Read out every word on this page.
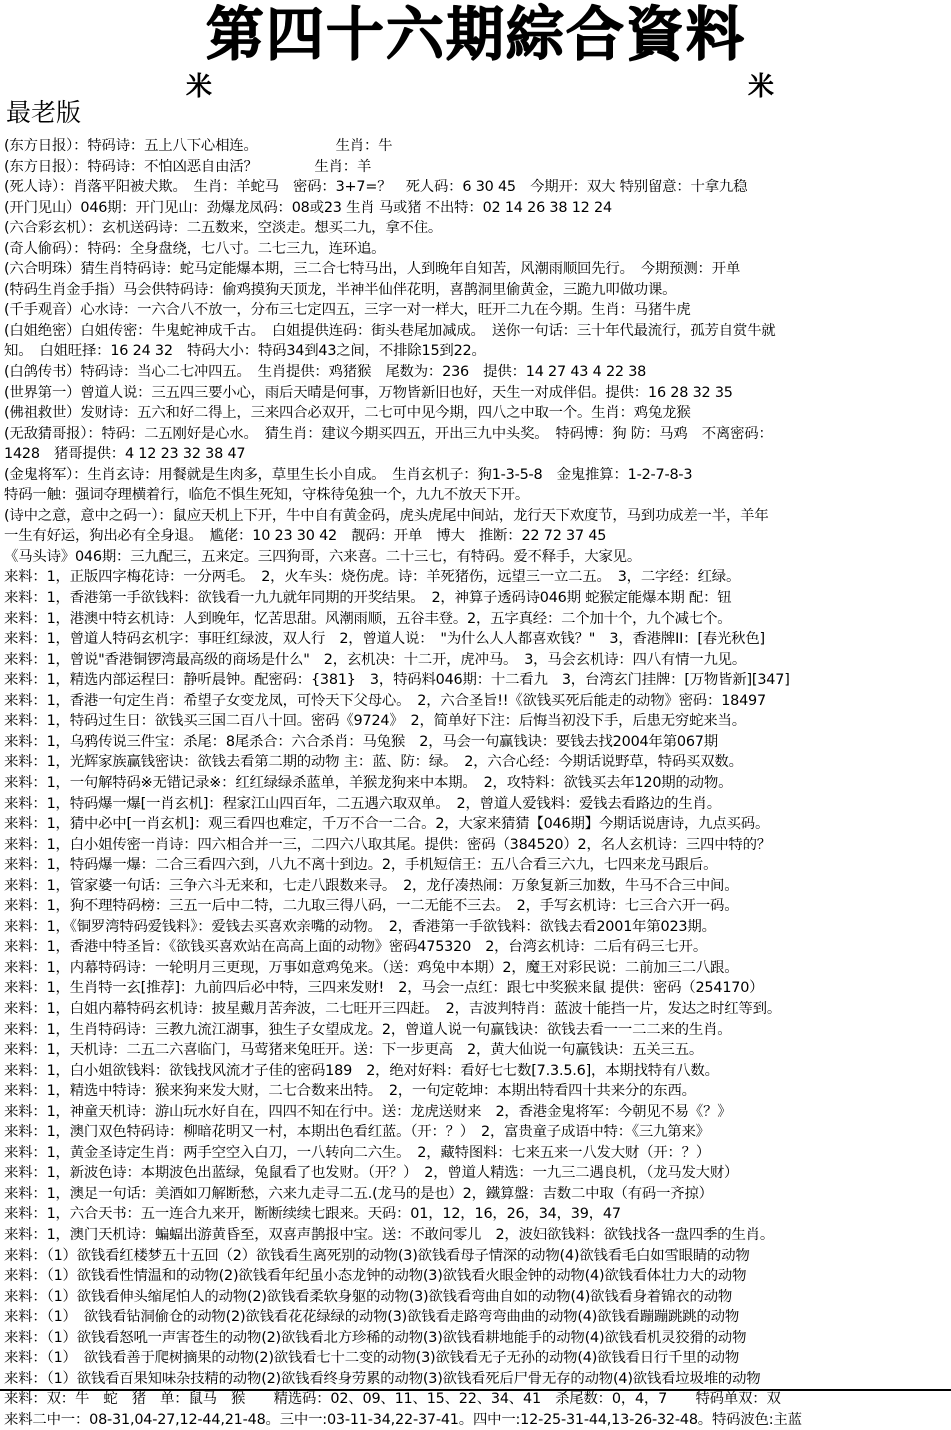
第四十六期綜合資料
米	米
最老版
(东方日报）：特码诗：五上八下心相连。　　　　　　生肖：牛
(东方日报）：特码诗：不怕凶恶自由活？　　　　生肖：羊
(死人诗）：肖落平阳被犬欺。　生肖：羊蛇马　密码：3+7=？　死人码：6 30 45　今期开：双大 特别留意：十拿九稳
(开门见山）046期：开门见山：劲爆龙凤码：08或23 生肖 马或猪 不出特：02 14 26 38 12 24
(六合彩玄机）：玄机送码诗：二五数来，空淡走。想买二九，拿不住。
(奇人偷码）：特码：全身盘绕，七八寸。二七三九，连环追。
(六合明珠）猜生肖特码诗：蛇马定能爆本期，三二合七特马出，人到晚年自知苦，风潮雨顺回先行。　今期预测：开单
(特码生肖金手指）马会供特码诗：偷鸡摸狗天顶龙，半神半仙伴花明，喜鹊洞里偷黄金，三跪九叩做功课。
(千手观音）心水诗：一六合八不放一，分布三七定四五，三字一对一样大，旺开二九在今期。生肖：马猪牛虎
(白姐绝密）白姐传密：牛鬼蛇神成千古。　白姐提供连码：街头巷尾加减成。　送你一句话：三十年代最流行，孤芳自赏牛就
知。　白姐旺择：16 24 32　特码大小：特码34到43之间，不排除15到22。
(白鸽传书）特码诗：当心二七冲四五。　生肖提供：鸡猪猴　尾数为：236　提供：14 27 43 4 22 38
(世界第一）曾道人说：三五四三要小心，雨后天晴是何事，万物皆新旧也好，天生一对成伴侣。提供：16 28 32 35
(佛祖救世）发财诗：五六和好二得上，三来四合必双开，二七可中见今期，四八之中取一个。生肖：鸡兔龙猴
(无敌猜哥报）：特码：二五刚好是心水。　猜生肖：建议今期买四五，开出三九中头奖。　特码博：狗 防：马鸡　不离密码：
1428　猪哥提供：4 12 23 32 38 47
(金鬼将军）：生肖玄诗：用餐就是生肉多，草里生长小自成。　生肖玄机子：狗1-3-5-8　金鬼推算：1-2-7-8-3
特码一触：强词夺理横着行，临危不惧生死知，守株待兔独一个，九九不放天下开。
(诗中之意，意中之码一）：鼠应天机上下开，牛中自有黄金码，虎头虎尾中间站，龙行天下欢度节，马到功成差一半，羊年
一生有好运，狗出必有全身退。　尴佬：10 23 30 42　靓码：开单　博大　推断：22 72 37 45
《马头诗》046期：三九配三，五来定。三四狗哥，六来喜。二十三七，有特码。爱不释手，大家见。
来料：1，正版四字梅花诗：一分两毛。　2，火车头：烧伤虎。诗：羊死猪伤，远望三一立二五。　3，二字经：红绿。
来料：1，香港第一手欲钱料：欲钱看一九九就年同期的开奖结果。　2，神算子透码诗046期 蛇猴定能爆本期 配：钮
来料：1，港澳中特玄机诗：人到晚年，忆苦思甜。风潮雨顺，五谷丰登。2，五字真经：二个加十个，九个减七个。
来料：1，曾道人特码玄机字：事旺红绿波，双人行　2，曾道人说：　"为什么人人都喜欢钱？"　3，香港牌II：[春光秋色]
来料：1，曾说"香港铜锣湾最高级的商场是什么"　2，玄机决：十二开，虎冲马。　3，马会玄机诗：四八有情一九见。
来料：1，精选内部运程曰：静听晨钟。配密码：{381}　3，特码料046期：十二看九　3，台湾玄门挂牌：[万物皆新][347]
来料：1，香港一句定生肖：希望子女变龙凤，可怜天下父母心。　2，六合圣旨!!《欲钱买死后能走的动物》密码：18497
来料：1，特码过生日：欲钱买三国二百八十回。密码《9724》　2，简单好下注：后悔当初没下手，后患无穷蛇来当。
来料：1，乌鸦传说三件宝：杀尾：8尾杀合：六合杀肖：马兔猴　2，马会一句赢钱诀：要钱去找2004年第067期
来料：1，光辉家族赢钱密诀：欲钱去看第二期的动物 主：蓝、防：绿。　2，六合心经：今期话说野草，特码买双数。
来料：1，一句解特码※无错记录※：红红绿绿杀蓝单，羊猴龙狗来中本期。　2，攻特料：欲钱买去年120期的动物。
来料：1，特码爆一爆[一肖玄机]：程家江山四百年，二五遇六取双单。　2，曾道人爱钱料：爱钱去看路边的生肖。
来料：1，猜中必中[一肖玄机]：观三看四也难定，千万不合一二合。2，大家来猜猜【046期】今期话说唐诗，九点买码。
来料：1，白小姐传密一肖诗：四六相合并一三，二四六八取其尾。提供：密码（384520）2，名人玄机诗：三四中特的？
来料：1，特码爆一爆：二合三看四六到，八九不离十到边。2，手机短信王：五八合看三六九，七四来龙马跟后。
来料：1，管家婆一句话：三争六斗无来和，七走八跟数来寻。　2，龙仔凑热闹：万象复新三加数，牛马不合三中间。
来料：1，狗不理特码榜：三五一后中二特，二九取三得八码，一二无能不三去。　2，手写玄机诗：七三合六开一码。
来料：1，《铜罗湾特码爱钱料》：爱钱去买喜欢亲嘴的动物。　2，香港第一手欲钱料：欲钱去看2001年第023期。
来料：1，香港中特圣旨：《欲钱买喜欢站在高高上面的动物》密码475320　2，台湾玄机诗：二后有码三七开。
来料：1，内幕特码诗：一轮明月三更现，万事如意鸡兔来。（送：鸡兔中本期）2，魔王对彩民说：二前加三二八跟。
来料：1，生肖特一玄[推荐]：九前四后必中特，三四来发财!　2，马会一点红：跟七中奖猴来鼠 提供：密码（254170）
来料：1，白姐内幕特码玄机诗：披星戴月苦奔波，二七旺开三四赶。　2，吉波判特肖：蓝波十能挡一片，发达之时红等到。
来料：1，生肖特码诗：三教九流江湖事，独生子女望成龙。2，曾道人说一句赢钱诀：欲钱去看一一二二来的生肖。
来料：1，天机诗：二五二六喜临门，马莺猪来兔旺开。送：下一步更高　2，黄大仙说一句赢钱诀：五关三五。
来料：1，白小姐欲钱料：欲钱找风流才子佳的密码189　2，绝对好料：看好七七数[7.3.5.6]，本期找特有八数。
来料：1，精选中特诗：猴来狗来发大财，二七合数来出特。　2，一句定乾坤：本期出特看四十共来分的东西。
来料：1，神童天机诗：游山玩水好自在，四四不知在行中。送：龙虎送财来　2，香港金鬼将军：今朝见不易《？》
来料：1，澳门双色特码诗：柳暗花明又一村，本期出色看红蓝。（开：？）　2，富贵童子成语中特：《三九第来》
来料：1，黄金圣诗定生肖：两手空空入白刀，一八转向二六生。　2，藏特图料：七来五来一八发大财（开：？）
来料：1，新波色诗：本期波色出蓝绿，兔鼠看了也发财。（开？）　2，曾道人精选：一九三二遇良机，（龙马发大财）
来料：1，澳足一句话：美酒如刀解断愁，六来九走寻二五.(龙马的是也）2，鐵算盤：吉数二中取（有码一齐掠）
来料：1，六合天书：五一连合九来开，断断续续七跟来。天码：01，12，16，26，34，39，47
来料：1，澳门天机诗：蝙蝠出游黄昏至，双喜声鹊报中宝。送：不敢问零儿　2，波妇欲钱料：欲钱找各一盘四季的生肖。
来料：（1）欲钱看红楼梦五十五回（2）欲钱看生离死别的动物(3)欲钱看母子情深的动物(4)欲钱看毛白如雪眼睛的动物
来料：（1）欲钱看性情温和的动物(2)欲钱看年纪虽小态龙钟的动物(3)欲钱看火眼金钟的动物(4)欲钱看体壮力大的动物
来料：（1）欲钱看伸头缩尾怕人的动物(2)欲钱看柔软身躯的动物(3)欲钱看弯曲自如的动物(4)欲钱看身着锦衣的动物
来料：（1）　欲钱看钻洞偷仓的动物(2)欲钱看花花绿绿的动物(3)欲钱看走路弯弯曲曲的动物(4)欲钱看蹦蹦跳跳的动物
来料：（1）欲钱看怒吼一声害苍生的动物(2)欲钱看北方珍稀的动物(3)欲钱看耕地能手的动物(4)欲钱看机灵狡猾的动物
来料：（1）　欲钱看善于爬树摘果的动物(2)欲钱看七十二变的动物(3)欲钱看无子无孙的动物(4)欲钱看日行千里的动物
来料：（1）欲钱看百果知味杂技精的动物(2)欲钱看终身劳累的动物(3)欲钱看死后尸骨无存的动物(4)欲钱看垃圾堆的动物
来料：双：牛　蛇　猪　单：鼠马　猴　　精选码：02、09、11、15、22、34、41　杀尾数：0，4，7　　特码单双：双
来料二中一：08-31,04-27,12-44,21-48。三中一:03-11-34,22-37-41。四中一:12-25-31-44,13-26-32-48。特码波色:主蓝
